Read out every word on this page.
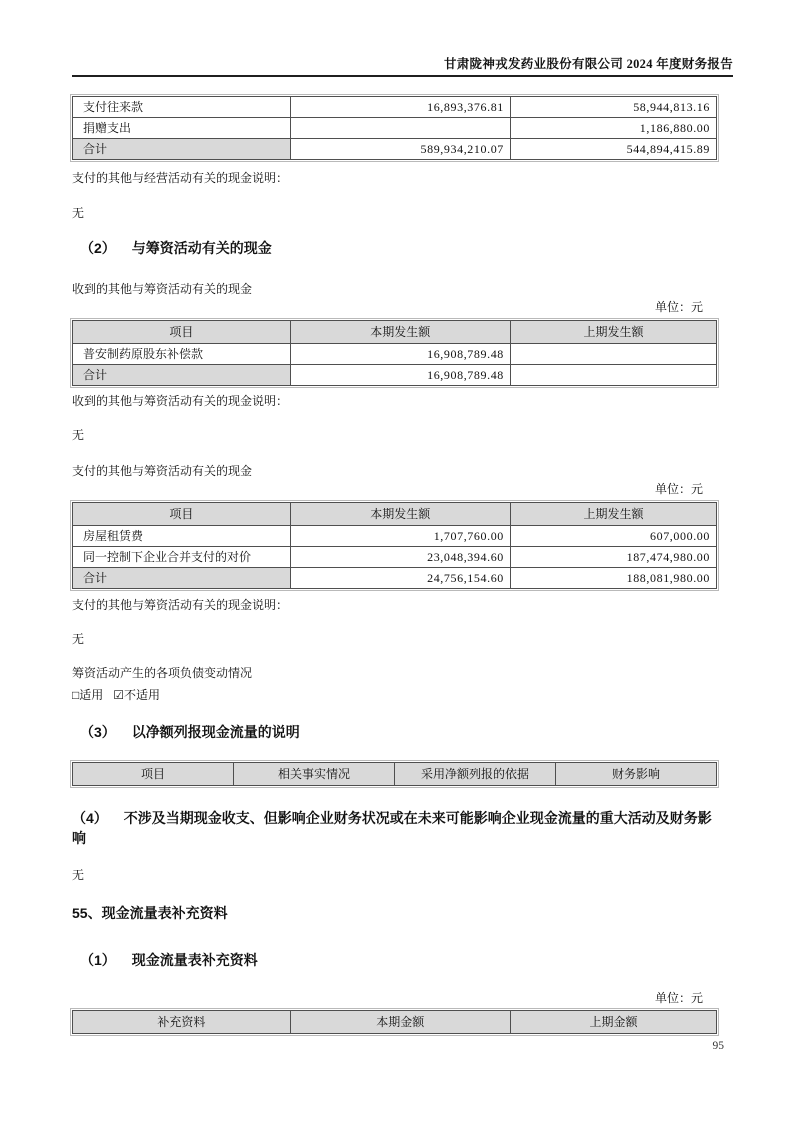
甘肃陇神戎发药业股份有限公司 2024 年度财务报告
支付往来款	16,893,376.81	58,944,813.16
捐赠支出		1,186,880.00
合计	589,934,210.07	544,894,415.89

支付的其他与经营活动有关的现金说明：

无

（2） 与筹资活动有关的现金

收到的其他与筹资活动有关的现金

单位：元

项目	本期发生额	上期发生额
普安制药原股东补偿款	16,908,789.48	
合计	16,908,789.48	

收到的其他与筹资活动有关的现金说明：

无

支付的其他与筹资活动有关的现金

单位：元

项目	本期发生额	上期发生额
房屋租赁费	1,707,760.00	607,000.00
同一控制下企业合并支付的对价	23,048,394.60	187,474,980.00
合计	24,756,154.60	188,081,980.00

支付的其他与筹资活动有关的现金说明：

无

筹资活动产生的各项负债变动情况

□适用 ☑不适用

（3） 以净额列报现金流量的说明
项目	相关事实情况	采用净额列报的依据	财务影响
（4） 不涉及当期现金收支、但影响企业财务状况或在未来可能影响企业现金流量的重大活动及财务影响

无

55、现金流量表补充资料
（1） 现金流量表补充资料

单位：元

补充资料	本期金额	上期金额
95
